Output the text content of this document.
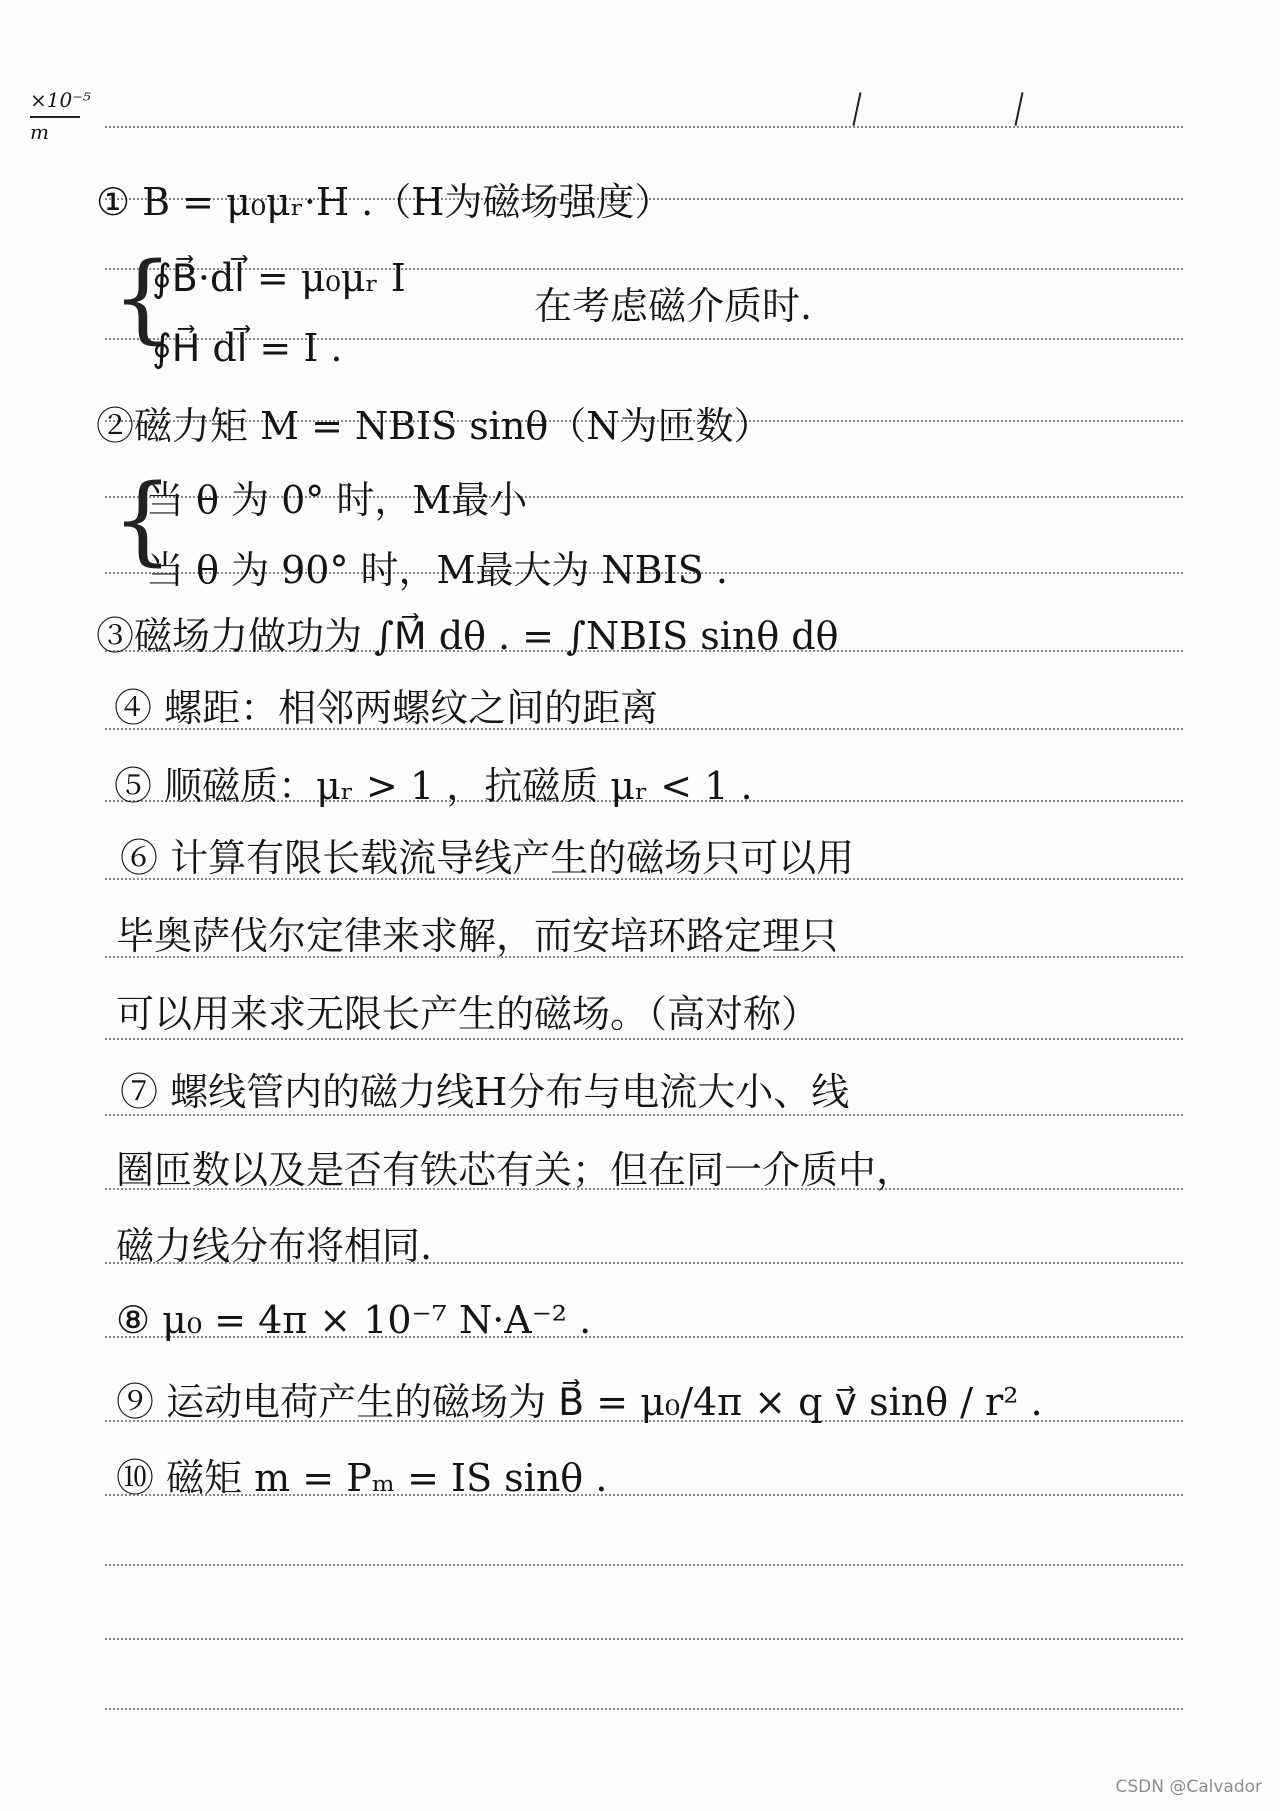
×10⁻⁵
m
① B = μ₀μᵣ·H .（H为磁场强度）
{
∮B⃗·dl⃗ = μ₀μᵣ I
∮H⃗ dl⃗ = I .
在考虑磁介质时.
②磁力矩 M = NBIS sinθ（N为匝数）
{
当 θ 为 0° 时，M最小
当 θ 为 90° 时，M最大为 NBIS .
③磁场力做功为 ∫M⃗ dθ . = ∫NBIS sinθ dθ
④ 螺距：相邻两螺纹之间的距离
⑤ 顺磁质：μᵣ > 1 ，抗磁质 μᵣ < 1 .
⑥ 计算有限长载流导线产生的磁场只可以用
毕奥萨伐尔定律来求解，而安培环路定理只
可以用来求无限长产生的磁场。（高对称）
⑦ 螺线管内的磁力线H分布与电流大小、线
圈匝数以及是否有铁芯有关；但在同一介质中，
磁力线分布将相同.
⑧ μ₀ = 4π × 10⁻⁷ N·A⁻² .
⑨ 运动电荷产生的磁场为 B⃗ = μ₀/4π × q v⃗ sinθ / r² .
⑩ 磁矩 m = Pₘ = IS sinθ .
CSDN @Calvador
